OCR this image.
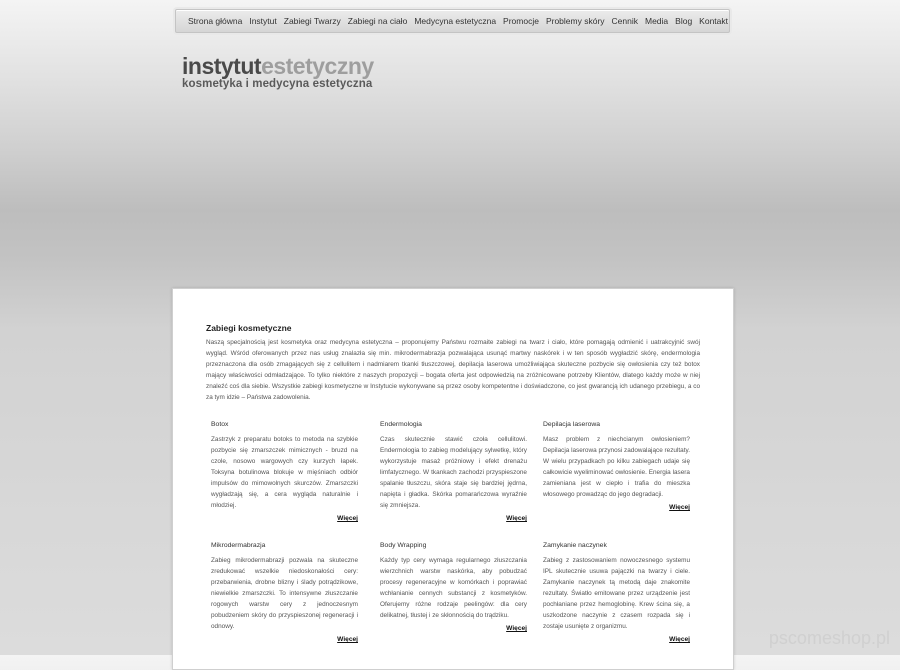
Strona główna Instytut Zabiegi Twarzy Zabiegi na ciało Medycyna estetyczna Promocje Problemy skóry Cennik Media Blog Kontakt
instytutestetyczny
kosmetyka i medycyna estetyczna
Zabiegi kosmetyczne

Naszą specjalnością jest kosmetyka oraz medycyna estetyczna – proponujemy Państwu rozmaite zabiegi na twarz i ciało, które pomagają odmienić i uatrakcyjnić swój wygląd. Wśród oferowanych przez nas usług znalazła się min. mikrodermabrazja pozwalająca usunąć martwy naskórek i w ten sposób wygładzić skórę, endermologia przeznaczona dla osób zmagających się z cellulitem i nadmiarem tkanki tłuszczowej, depilacja laserowa umożliwiająca skuteczne pozbycie się owłosienia czy też botox mający właściwości odmładzające. To tylko niektóre z naszych propozycji – bogata oferta jest odpowiedzią na zróżnicowane potrzeby Klientów, dlatego każdy może w niej znaleźć coś dla siebie. Wszystkie zabiegi kosmetyczne w Instytucie wykonywane są przez osoby kompetentne i doświadczone, co jest gwarancją ich udanego przebiegu, a co za tym idzie – Państwa zadowolenia.

Botox

Zastrzyk z preparatu botoks to metoda na szybkie pozbycie się zmarszczek mimicznych - bruzd na czole, nosowo wargowych czy kurzych łapek. Toksyna botulinowa blokuje w mięśniach odbiór impulsów do mimowolnych skurczów. Zmarszczki wygładzają się, a cera wygląda naturalnie i młodziej.

Więcej
Endermologia

Czas skutecznie stawić czoła cellulitowi. Endermologia to zabieg modelujący sylwetkę, który wykorzystuje masaż próżniowy i efekt drenażu limfatycznego. W tkankach zachodzi przyspieszone spalanie tłuszczu, skóra staje się bardziej jędrna, napięta i gładka. Skórka pomarańczowa wyraźnie się zmniejsza.

Więcej
Depilacja laserowa

Masz problem z niechcianym owłosieniem? Depilacja laserowa przynosi zadowalające rezultaty. W wielu przypadkach po kilku zabiegach udaje się całkowicie wyeliminować owłosienie. Energia lasera zamieniana jest w ciepło i trafia do mieszka włosowego prowadząc do jego degradacji.

Więcej
Mikrodermabrazja

Zabieg mikrodermabrazji pozwala na skuteczne zredukować wszelkie niedoskonałości cery: przebarwienia, drobne blizny i ślady potrądzikowe, niewielkie zmarszczki. To intensywne złuszczanie rogowych warstw cery z jednoczesnym pobudzeniem skóry do przyspieszonej regeneracji i odnowy.

Więcej
Body Wrapping

Każdy typ cery wymaga regularnego złuszczania wierzchnich warstw naskórka, aby pobudzać procesy regeneracyjne w komórkach i poprawiać wchłanianie cennych substancji z kosmetyków. Oferujemy różne rodzaje peelingów: dla cery delikatnej, tłustej i ze skłonnością do trądziku.

Więcej
Zamykanie naczynek

Zabieg z zastosowaniem nowoczesnego systemu IPL skutecznie usuwa pajączki na twarzy i ciele. Zamykanie naczynek tą metodą daje znakomite rezultaty. Światło emitowane przez urządzenie jest pochłaniane przez hemoglobinę. Krew ścina się, a uszkodzone naczynie z czasem rozpada się i zostaje usunięte z organizmu.

Więcej	pscomeshop.pl
